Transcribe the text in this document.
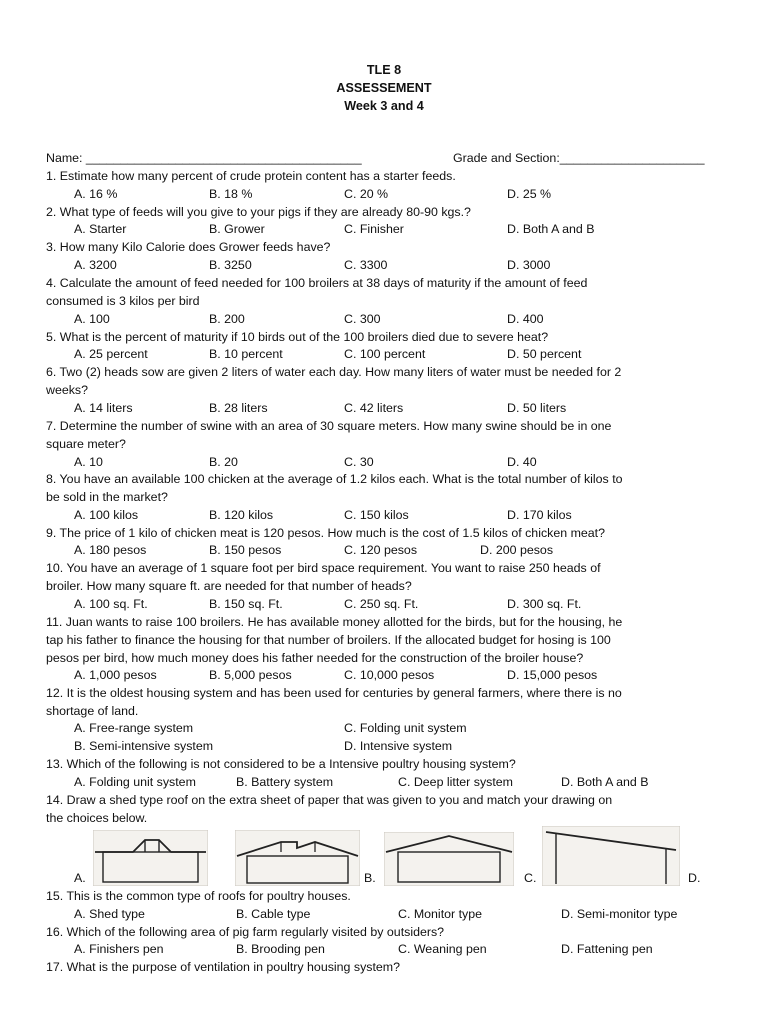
TLE 8
ASSESSEMENT
Week 3 and 4
Name: ________________________________________	Grade and Section:_____________________
1. Estimate how many percent of crude protein content has a starter feeds.
A. 16 %	B. 18 %	C. 20 %	D. 25 %
2. What type of feeds will you give to your pigs if they are already 80-90 kgs.?
A. Starter	B. Grower	C. Finisher	D. Both A and B
3. How many Kilo Calorie does Grower feeds have?
A. 3200	B. 3250	C. 3300	D. 3000
4. Calculate the amount of feed needed for 100 broilers at 38 days of maturity if the amount of feed
consumed is 3 kilos per bird
A. 100	B. 200	C. 300	D. 400
5. What is the percent of maturity if 10 birds out of the 100 broilers died due to severe heat?
A. 25 percent	B. 10 percent	C. 100 percent	D. 50 percent
6. Two (2) heads sow are given 2 liters of water each day. How many liters of water must be needed for 2
weeks?
A. 14 liters	B. 28 liters	C. 42 liters	D. 50 liters
7. Determine the number of swine with an area of 30 square meters. How many swine should be in one
square meter?
A. 10	B. 20	C. 30	D. 40
8. You have an available 100 chicken at the average of 1.2 kilos each. What is the total number of kilos to
be sold in the market?
A. 100 kilos	B. 120 kilos	C. 150 kilos	D. 170 kilos
9. The price of 1 kilo of chicken meat is 120 pesos. How much is the cost of 1.5 kilos of chicken meat?
A. 180 pesos	B. 150 pesos	C. 120 pesos	D. 200 pesos
10. You have an average of 1 square foot per bird space requirement. You want to raise 250 heads of
broiler. How many square ft. are needed for that number of heads?
A. 100 sq. Ft.	B. 150 sq. Ft.	C. 250 sq. Ft.	D. 300 sq. Ft.
11. Juan wants to raise 100 broilers. He has available money allotted for the birds, but for the housing, he
tap his father to finance the housing for that number of broilers. If the allocated budget for hosing is 100
pesos per bird, how much money does his father needed for the construction of the broiler house?
A. 1,000 pesos	B. 5,000 pesos	C. 10,000 pesos	D. 15,000 pesos
12. It is the oldest housing system and has been used for centuries by general farmers, where there is no
shortage of land.
A. Free-range system	C. Folding unit system
B. Semi-intensive system	D. Intensive system
13. Which of the following is not considered to be a Intensive poultry housing system?
A. Folding unit system	B. Battery system	C. Deep litter system	D. Both A and B
14. Draw a shed type roof on the extra sheet of paper that was given to you and match your drawing on
the choices below.
A.	B.	C.	D.
15. This is the common type of roofs for poultry houses.
A. Shed type	B. Cable type	C. Monitor type	D. Semi-monitor type
16. Which of the following area of pig farm regularly visited by outsiders?
A. Finishers pen	B. Brooding pen	C. Weaning pen	D. Fattening pen
17. What is the purpose of ventilation in poultry housing system?
